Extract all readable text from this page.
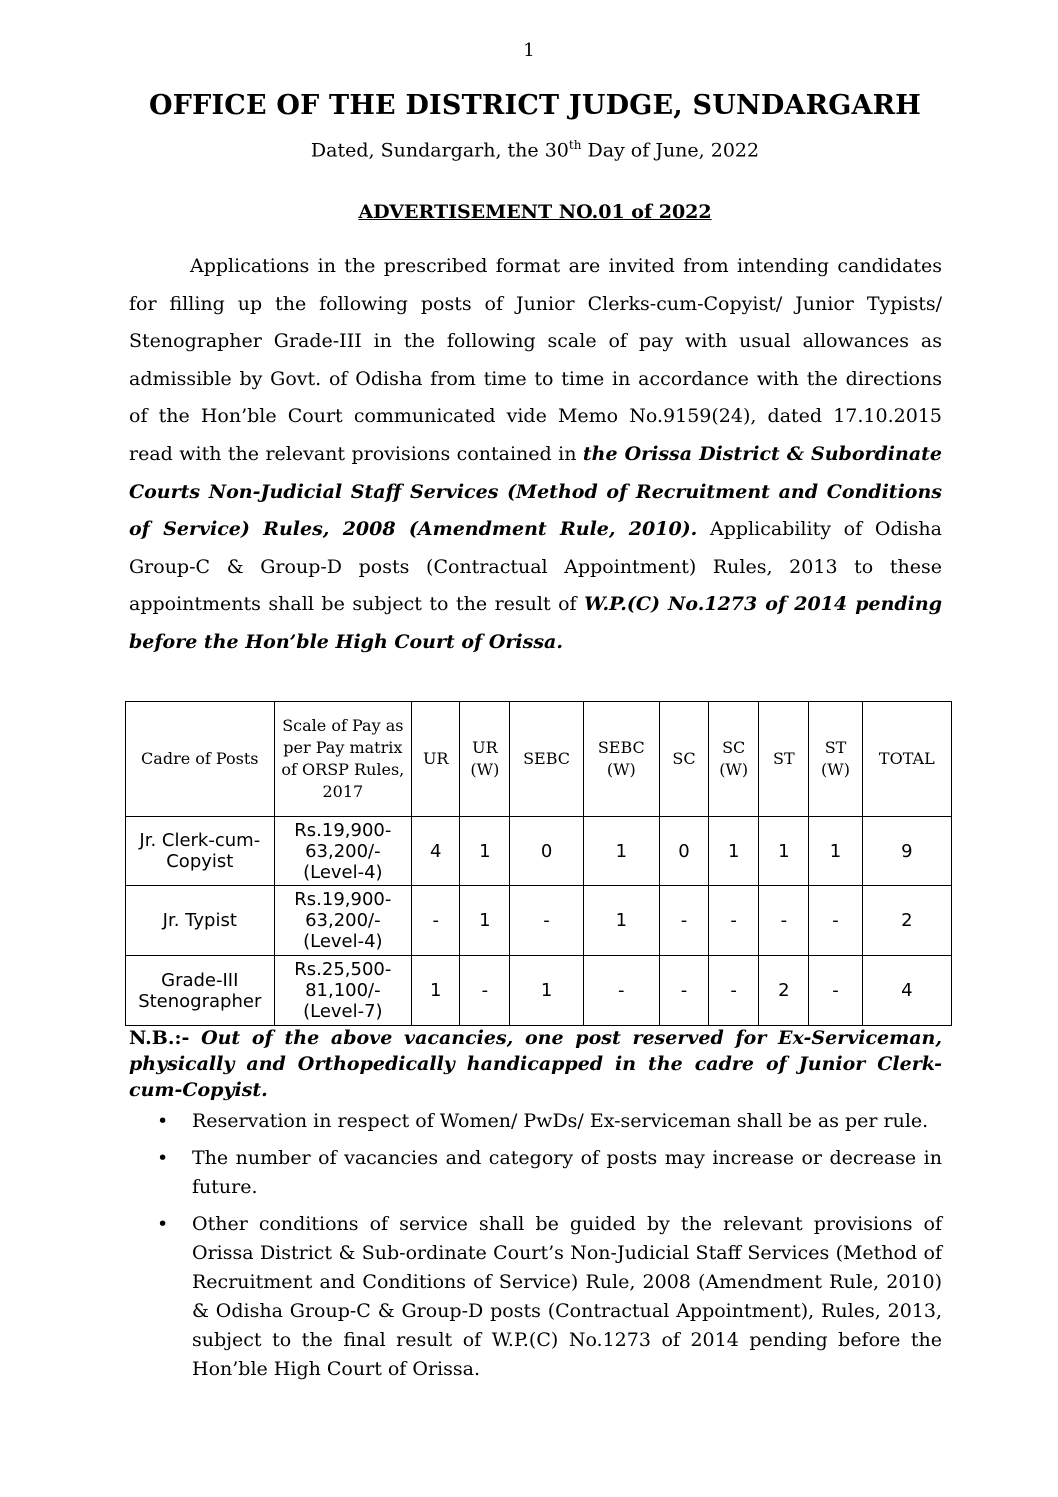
1
OFFICE OF THE DISTRICT JUDGE, SUNDARGARH
Dated, Sundargarh, the 30th Day of June, 2022
ADVERTISEMENT NO.01 of 2022
Applications in the prescribed format are invited from intending candidates for filling up the following posts of Junior Clerks-cum-Copyist/ Junior Typists/ Stenographer Grade-III in the following scale of pay with usual allowances as admissible by Govt. of Odisha from time to time in accordance with the directions of the Hon’ble Court communicated vide Memo No.9159(24), dated 17.10.2015 read with the relevant provisions contained in the Orissa District & Subordinate Courts Non-Judicial Staff Services (Method of Recruitment and Conditions of Service) Rules, 2008 (Amendment Rule, 2010). Applicability of Odisha Group-C & Group-D posts (Contractual Appointment) Rules, 2013 to these appointments shall be subject to the result of W.P.(C) No.1273 of 2014 pending before the Hon’ble High Court of Orissa.
Cadre of Posts	Scale of Pay as per Pay matrix of ORSP Rules, 2017	UR	UR (W)	SEBC	SEBC (W)	SC	SC (W)	ST	ST (W)	TOTAL
Jr. Clerk-cum-Copyist	Rs.19,900-63,200/- (Level-4)	4	1	0	1	0	1	1	1	9
Jr. Typist	Rs.19,900-63,200/- (Level-4)	-	1	-	1	-	-	-	-	2
Grade-III Stenographer	Rs.25,500-81,100/- (Level-7)	1	-	1	-	-	-	2	-	4
N.B.:- Out of the above vacancies, one post reserved for Ex-Serviceman, physically and Orthopedically handicapped in the cadre of Junior Clerk-cum-Copyist.
• Reservation in respect of Women/ PwDs/ Ex-serviceman shall be as per rule.
• The number of vacancies and category of posts may increase or decrease in future.
• Other conditions of service shall be guided by the relevant provisions of Orissa District & Sub-ordinate Court’s Non-Judicial Staff Services (Method of Recruitment and Conditions of Service) Rule, 2008 (Amendment Rule, 2010) & Odisha Group-C & Group-D posts (Contractual Appointment), Rules, 2013, subject to the final result of W.P.(C) No.1273 of 2014 pending before the Hon’ble High Court of Orissa.
